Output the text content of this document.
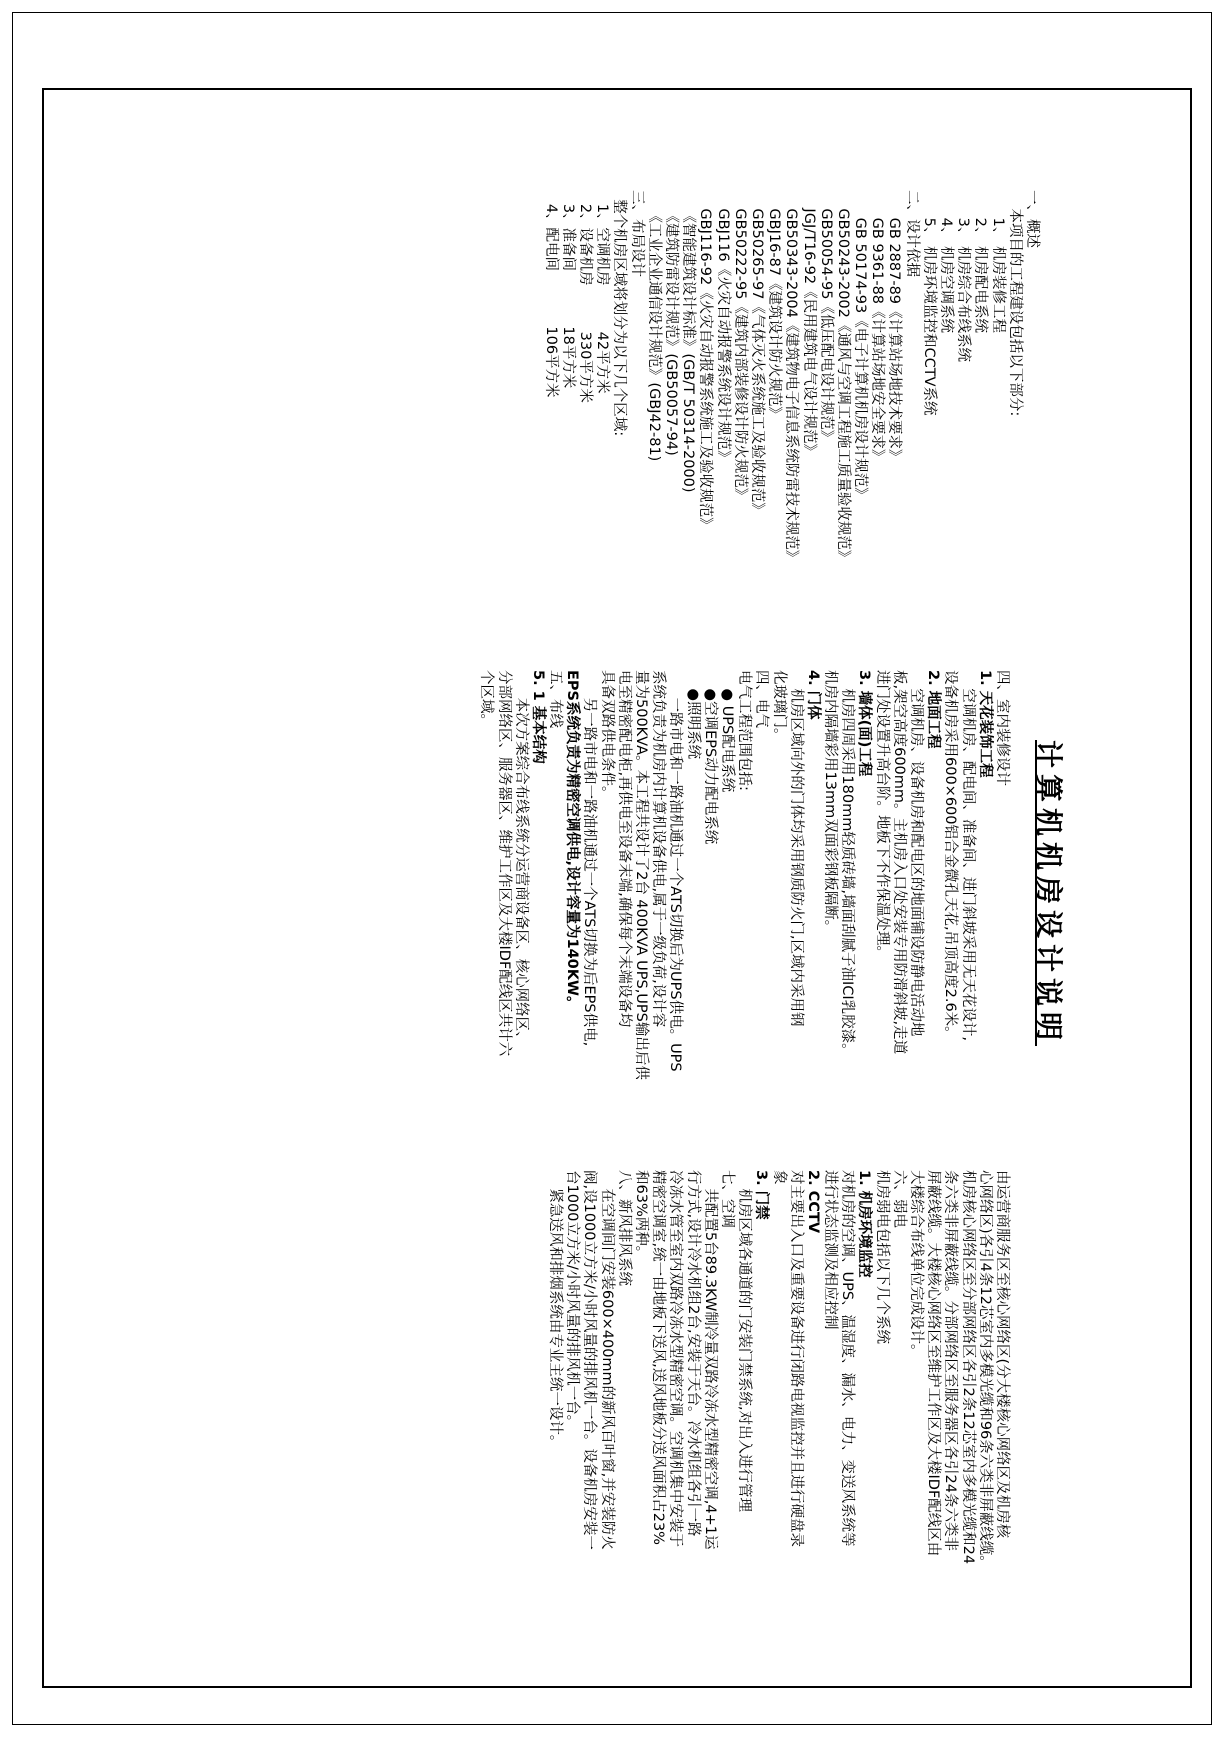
计算机机房设计说明
一、概述
本项目的工程建设包括以下部分:
1、 机房装修工程
2、 机房配电系统
3、 机房综合布线系统
4、 机房空调系统
5、 机房环境监控和CCTV系统
二、设计依据
GB 2887-89《计算站场地技术要求》
GB 9361-88《计算站场地安全要求》
GB 50174-93《电子计算机机房设计规范》
GB50243-2002《通风与空调工程施工质量验收规范》
GB50054-95《低压配电设计规范》
JGJ/T16-92《民用建筑电气设计规范》
GB50343-2004《建筑物电子信息系统防雷技术规范》
GBJ16-87《建筑设计防火规范》
GB50265-97《气体灭火系统施工及验收规范》
GB50222-95《建筑内部装修设计防火规范》
GBJ116《火灾自动报警系统设计规范》
GBJ116-92《火灾自动报警系统施工及验收规范》
《智能建筑设计标准》(GB/T 50314-2000)
《建筑防雷设计规范》(GB50057-94)
《工业企业通信设计规范》(GBJ42-81)
三、布局设计
整个机房区域将划分为以下几个区域:
1、空调机房          42平方米
2、设备机房          330平方米
3、准备间            18平方米
4、配电间            106平方米
四、室内装修设计
1. 天花装饰工程
空调机房、配电间、准备间、进门斜坡采用无天花设计,
设备机房采用600×600铝合金微孔天花,吊顶高度2.6米。
2. 地面工程
空调机房、设备机房和配电区的地面铺设防静电活动地
板,架空高度600mm。主机房入口处安装专用防滑斜坡,走道
进门处设置升高台阶。地板下不作保温处理。
3. 墙体(面)工程
机房四周采用180mm轻质砖墙,墙面刮腻子油ICI乳胶漆。
机房内隔墙彩用13mm双面彩钢板隔断。
4. 门体
机房区域向外的门体均采用钢质防火门,区域内采用钢
化玻璃门。
四、电气
电气工程范围包括:
● UPS配电系统
●空调EPS动力配电系统
●照明系统
一路市电和一路油机通过一个ATS切换后为UPS供电。UPS
系统负责为机房内计算机设备供电,属于一级负荷,设计容
量为500KVA。本工程共设计了2台 400KVA UPS,UPS输出后供
电至精密配电柜,再供电至设备末端,确保每个末端设备均
具备双路供电条件。
另一路市电和一路油机通过一个ATS切换为后EPS供电,
EPS系统负责为精密空调供电,设计容量为140KW。
五、布线
5. 1 基本结构
本次方案综合布线系统分运营商设备区、核心网络区、
分部网络区、服务器区、维护工作区及大楼IDF配线区共计六
个区域。
由运营商服务区至核心网络区(分大楼核心网络区及机房核
心网络区)各引4条12芯室内多模光缆和96条六类非屏蔽线缆。
机房核心网络区至分部网络区各引2条12芯室内多模光缆和24
条六类非屏蔽线缆。分部网络区至服务器区各引24条六类非
屏蔽线缆。大楼核心网络区至维护工作区及大楼IDF配线区由
大楼综合布线单位完成设计。
六、弱电
机房弱电包括以下几个系统
1. 机房环境监控
对机房的空调、UPS、温湿度、漏水、电力、变送风系统等
进行状态监测及相应控制
2. CCTV
对主要出入口及重要设备进行闭路电视监控并且进行硬盘录
象
3. 门禁
机房区域各通道的门安装门禁系统,对出入进行管理
七、空调
共配置5台89.3KW制冷量双路冷冻水型精密空调,4+1运
行方式,设计冷水机组2台,安装于天台。冷水机组各引一路
冷冻水管至室内双路冷冻水型精密空调。空调机集中安装于
精密空调室,统一由地板下送风,送风地板分送风面积占23%
和63%两种。
八、新风排风系统
在空调间门安装600×400mm的新风百叶窗,并安装防火
阀,设1000立方米/小时风量的排风机一台。设备机房安装一
台1000立方米/小时风量的排风机一台。
紧急送风和排烟系统由专业主统一设计。
